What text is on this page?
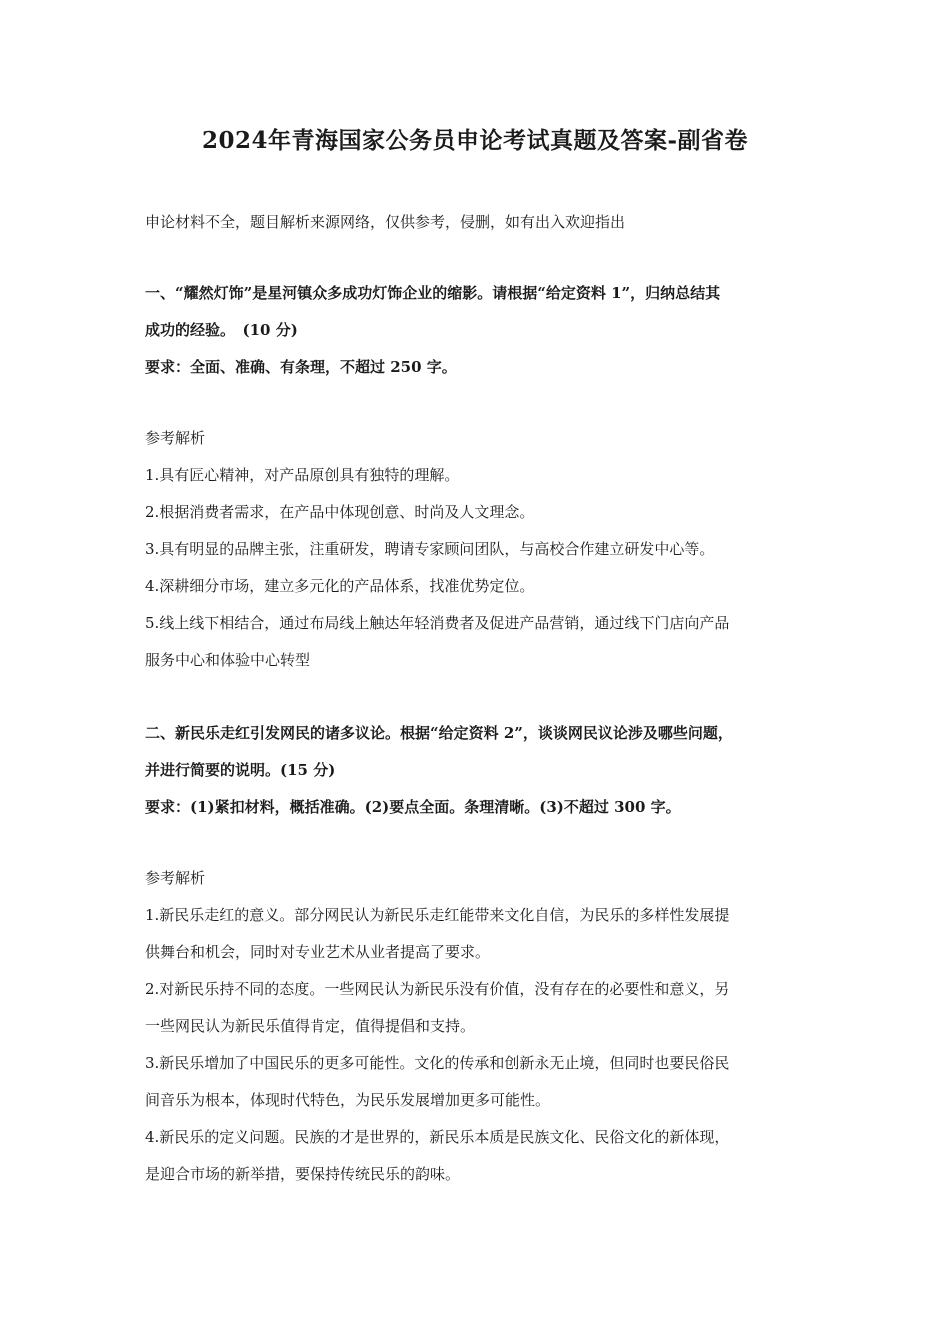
2024年青海国家公务员申论考试真题及答案-副省卷

申论材料不全，题目解析来源网络，仅供参考，侵删，如有出入欢迎指出

一、“耀然灯饰”是星河镇众多成功灯饰企业的缩影。请根据“给定资料 1”，归纳总结其

成功的经验。　(10 分)

要求：全面、准确、有条理，不超过 250 字。

参考解析

1.具有匠心精神，对产品原创具有独特的理解。

2.根据消费者需求，在产品中体现创意、时尚及人文理念。

3.具有明显的品牌主张，注重研发，聘请专家顾问团队，与高校合作建立研发中心等。

4.深耕细分市场，建立多元化的产品体系，找准优势定位。

5.线上线下相结合，通过布局线上触达年轻消费者及促进产品营销，通过线下门店向产品

服务中心和体验中心转型

二、新民乐走红引发网民的诸多议论。根据“给定资料 2”，谈谈网民议论涉及哪些问题，

并进行简要的说明。(15 分)

要求：(1)紧扣材料，概括准确。(2)要点全面。条理清晰。(3)不超过 300 字。

参考解析

1.新民乐走红的意义。部分网民认为新民乐走红能带来文化自信，为民乐的多样性发展提

供舞台和机会，同时对专业艺术从业者提高了要求。

2.对新民乐持不同的态度。一些网民认为新民乐没有价值，没有存在的必要性和意义，另

一些网民认为新民乐值得肯定，值得提倡和支持。

3.新民乐增加了中国民乐的更多可能性。文化的传承和创新永无止境，但同时也要民俗民

间音乐为根本，体现时代特色，为民乐发展增加更多可能性。

4.新民乐的定义问题。民族的才是世界的，新民乐本质是民族文化、民俗文化的新体现，

是迎合市场的新举措，要保持传统民乐的韵味。
